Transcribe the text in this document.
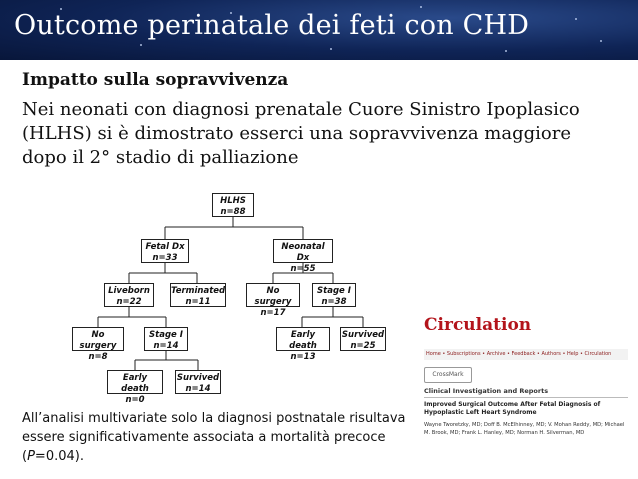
Outcome perinatale dei feti con CHD
Impatto sulla sopravvivenza
Nei neonati con diagnosi prenatale Cuore Sinistro Ipoplasico (HLHS) si è dimostrato esserci una sopravvivenza maggiore dopo il 2° stadio di palliazione
HLHS
n=88
Fetal Dx
n=33
Neonatal Dx
n=55
Liveborn
n=22
Terminated
n=11
No surgery
n=17
Stage I
n=38
No surgery
n=8
Stage I
n=14
Early death
n=13
Survived
n=25
Early death
n=0
Survived
n=14
All’analisi multivariate solo la diagnosi postnatale risultava essere significativamente associata a mortalità precoce (P=0.04).
Circulation
Home • Subscriptions • Archive • Feedback • Authors • Help • Circulation
CrossMark
Clinical Investigation and Reports
Improved Surgical Outcome After Fetal Diagnosis of Hypoplastic Left Heart Syndrome
Wayne Tworetzky, MD; Doff B. McElhinney, MD; V. Mohan Reddy, MD; Michael M. Brook, MD; Frank L. Hanley, MD; Norman H. Silverman, MD
